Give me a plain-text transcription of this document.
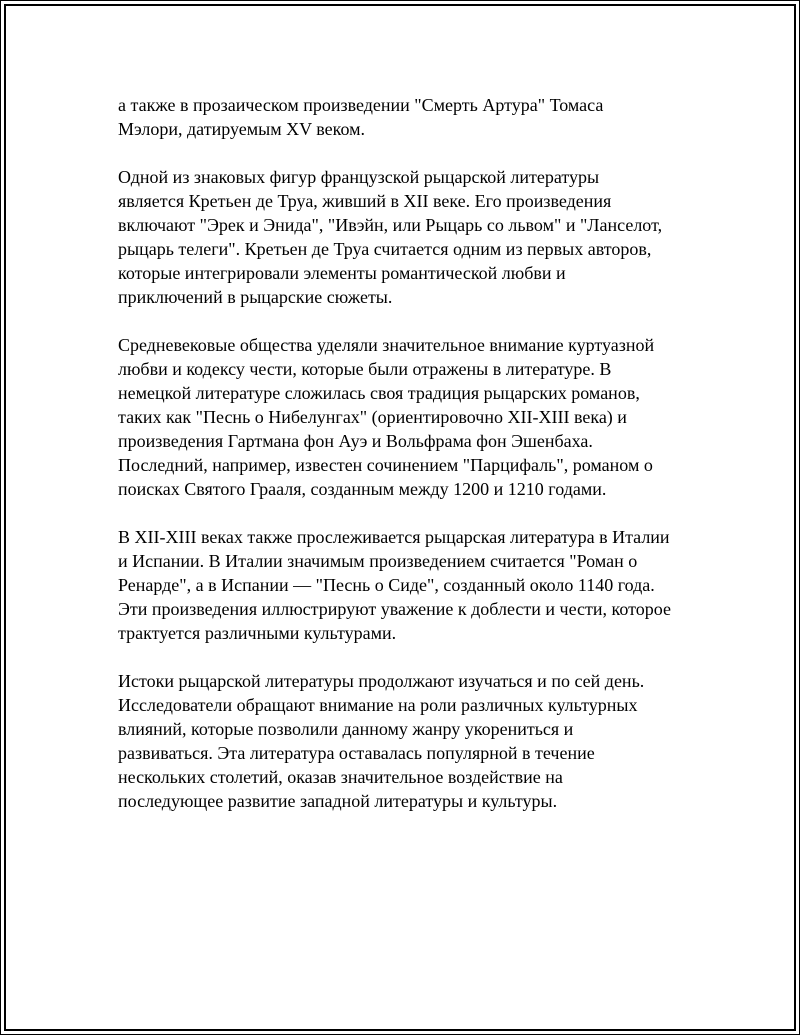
а также в прозаическом произведении "Смерть Артура" Томаса
Мэлори, датируемым XV веком.

Одной из знаковых фигур французской рыцарской литературы
является Кретьен де Труа, живший в XII веке. Его произведения
включают "Эрек и Энида", "Ивэйн, или Рыцарь со львом" и "Ланселот,
рыцарь телеги". Кретьен де Труа считается одним из первых авторов,
которые интегрировали элементы романтической любви и
приключений в рыцарские сюжеты.

Средневековые общества уделяли значительное внимание куртуазной
любви и кодексу чести, которые были отражены в литературе. В
немецкой литературе сложилась своя традиция рыцарских романов,
таких как "Песнь о Нибелунгах" (ориентировочно XII-XIII века) и
произведения Гартмана фон Ауэ и Вольфрама фон Эшенбаха.
Последний, например, известен сочинением "Парцифаль", романом о
поисках Святого Грааля, созданным между 1200 и 1210 годами.

В XII-XIII веках также прослеживается рыцарская литература в Италии
и Испании. В Италии значимым произведением считается "Роман о
Ренарде", а в Испании — "Песнь о Сиде", созданный около 1140 года.
Эти произведения иллюстрируют уважение к доблести и чести, которое
трактуется различными культурами.

Истоки рыцарской литературы продолжают изучаться и по сей день.
Исследователи обращают внимание на роли различных культурных
влияний, которые позволили данному жанру укорениться и
развиваться. Эта литература оставалась популярной в течение
нескольких столетий, оказав значительное воздействие на
последующее развитие западной литературы и культуры.
